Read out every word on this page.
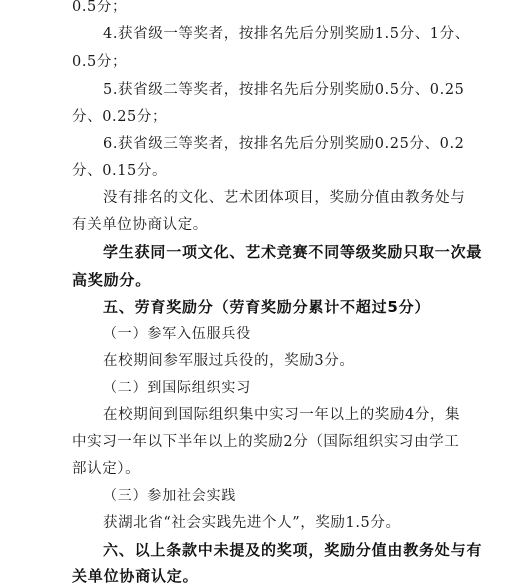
0.5分；
4.获省级一等奖者，按排名先后分别奖励1.5分、1分、
0.5分；
5.获省级二等奖者，按排名先后分别奖励0.5分、0.25
分、0.25分；
6.获省级三等奖者，按排名先后分别奖励0.25分、0.2
分、0.15分。
没有排名的文化、艺术团体项目，奖励分值由教务处与
有关单位协商认定。
学生获同一项文化、艺术竞赛不同等级奖励只取一次最
高奖励分。
五、劳育奖励分（劳育奖励分累计不超过5分）
（一）参军入伍服兵役
在校期间参军服过兵役的，奖励3分。
（二）到国际组织实习
在校期间到国际组织集中实习一年以上的奖励4分，集
中实习一年以下半年以上的奖励2分（国际组织实习由学工
部认定）。
（三）参加社会实践
获湖北省“社会实践先进个人”，奖励1.5分。
六、以上条款中未提及的奖项，奖励分值由教务处与有
关单位协商认定。
